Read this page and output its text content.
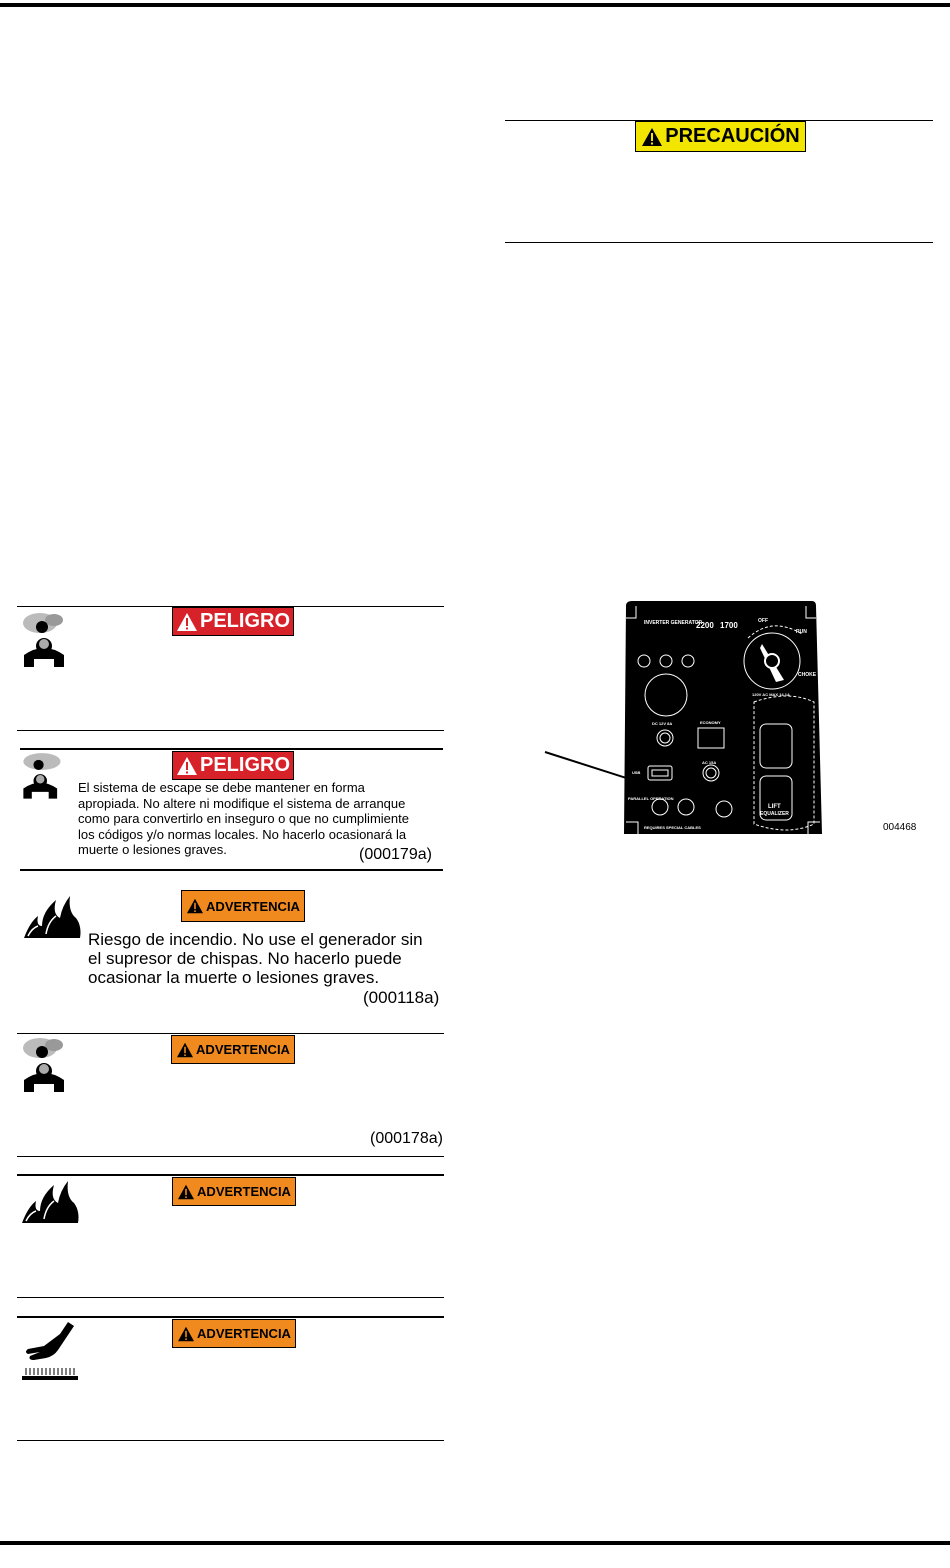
PRECAUCIÓN
PELIGRO
PELIGRO
El sistema de escape se debe mantener en forma
apropiada. No altere ni modifique el sistema de arranque
como para convertirlo en inseguro o que no cumplimiente
los códigos y/o normas locales. No hacerlo ocasionará la
muerte o lesiones graves.	(000179a)
ADVERTENCIA
Riesgo de incendio. No use el generador sin
el supresor de chispas. No hacerlo puede
ocasionar la muerte o lesiones graves.
(000118a)
ADVERTENCIA
(000178a)
ADVERTENCIA
ADVERTENCIA
INVERTER GENERATOR
2200 1700	OFF
RUN
CHOKE
DC 12V 8A	ECONOMY
AC 15A
USB
PARALLEL OPERATION
120V AC MAX 14.1A
LIFT
EQUALIZER
REQUIRES SPECIAL CABLES	004468
